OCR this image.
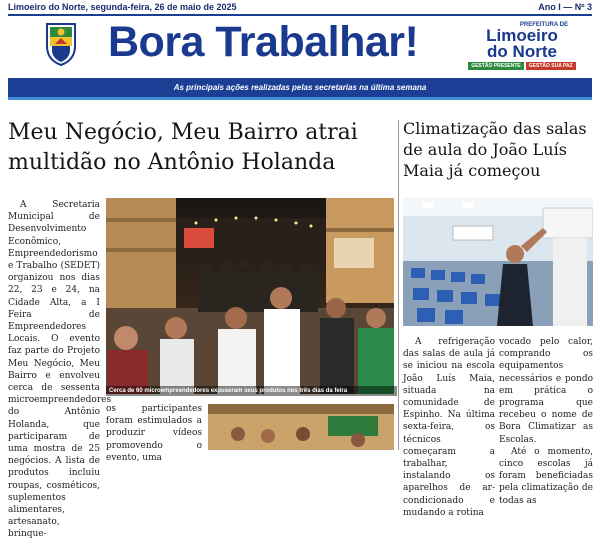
Limoeiro do Norte, segunda-feira, 26 de maio de 2025	Ano I — Nº 3
Bora Trabalhar!	PREFEITURA DE
Limoeiro
do Norte
GESTÃO PRESENTE	GESTÃO SUA PAZ
As principais ações realizadas pelas secretarias na última semana
Meu Negócio, Meu Bairro atrai multidão no Antônio Holanda
Climatização das salas de aula do João Luís Maia já começou

A Secretaria Municipal de Desenvolvimento Econômico, Empreendedorismo e Trabalho (SEDET) organizou nos dias 22, 23 e 24, na Cidade Alta, a I Feira de Empreendedores Locais. O evento faz parte do Projeto Meu Negócio, Meu Bairro e envolveu cerca de sessenta microempreendedores do Antônio Holanda, que participaram de uma mostra de 25 negócios. A lista de produtos incluiu roupas, cosméticos, suplementos alimentares, artesanato, brinque-

Cerca de 60 microempreendedores expuseram seus produtos nos três dias da feira
os participantes foram estimulados a produzir vídeos promovendo o evento, uma

A refrigeração das salas de aula já se iniciou na escola João Luís Maia, situada na comunidade de Espinho. Na última sexta-feira, os técnicos começaram a trabalhar, instalando os aparelhos de ar-condicionado e mudando a rotina

vocado pelo calor, comprando os equipamentos necessários e pondo em prática o programa que recebeu o nome de Bora Climatizar as Escolas.

Até o momento, cinco escolas já foram beneficiadas pela climatização de todas as
